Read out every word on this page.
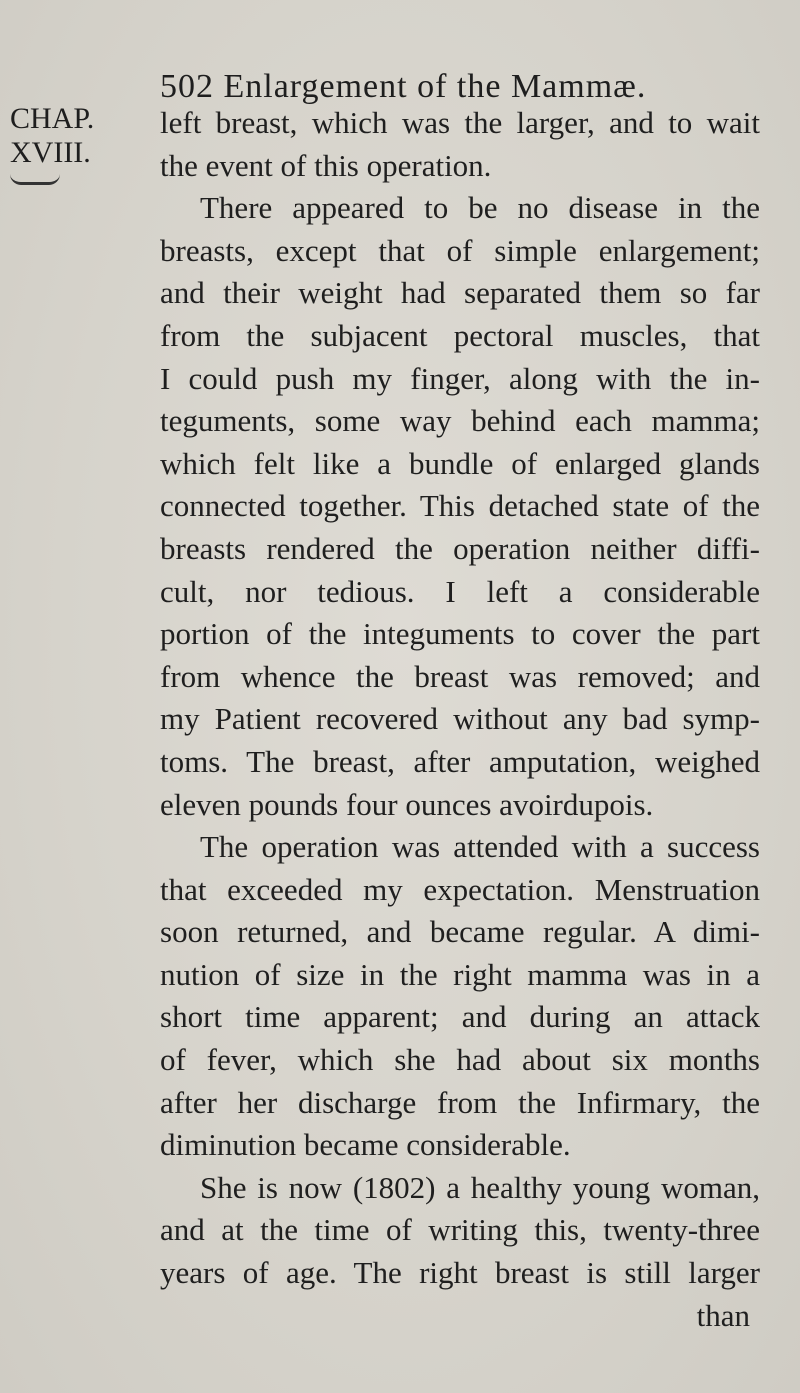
502 Enlargement of the Mammæ.
CHAP.
XVIII.

left breast, which was the larger, and to wait
the event of this operation.

There appeared to be no disease in the
breasts, except that of simple enlargement;
and their weight had separated them so far
from the subjacent pectoral muscles, that
I could push my finger, along with the in-
teguments, some way behind each mamma;
which felt like a bundle of enlarged glands
connected together. This detached state of the
breasts rendered the operation neither diffi-
cult, nor tedious. I left a considerable
portion of the integuments to cover the part
from whence the breast was removed; and
my Patient recovered without any bad symp-
toms. The breast, after amputation, weighed
eleven pounds four ounces avoirdupois.

The operation was attended with a success
that exceeded my expectation. Menstruation
soon returned, and became regular. A dimi-
nution of size in the right mamma was in a
short time apparent; and during an attack
of fever, which she had about six months
after her discharge from the Infirmary, the
diminution became considerable.

She is now (1802) a healthy young woman,
and at the time of writing this, twenty-three
years of age. The right breast is still larger

than
